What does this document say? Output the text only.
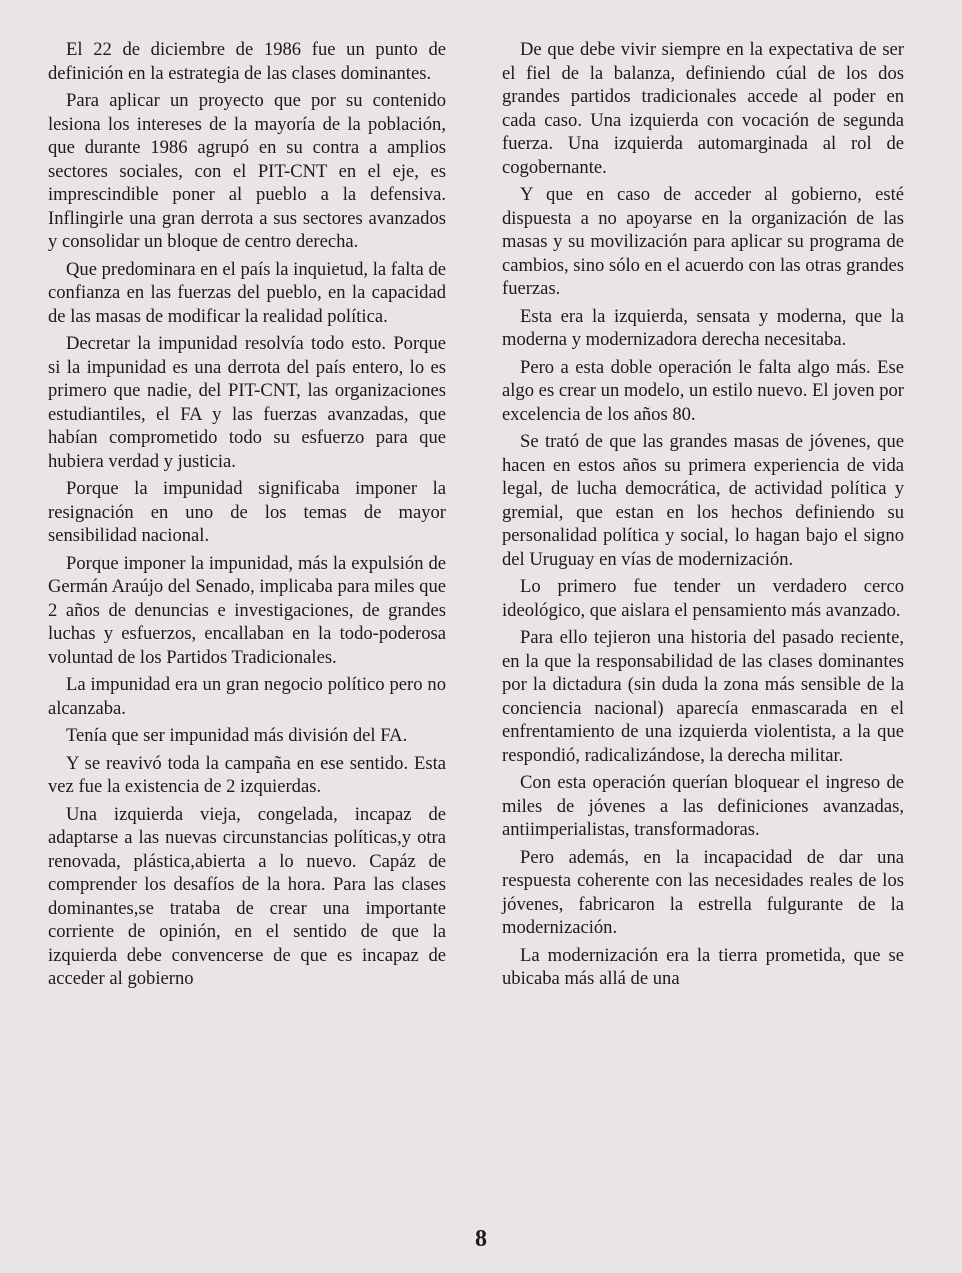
El 22 de diciembre de 1986 fue un punto de definición en la estrategia de las clases dominantes.

Para aplicar un proyecto que por su contenido lesiona los intereses de la mayoría de la población, que durante 1986 agrupó en su contra a amplios sectores sociales, con el PIT-CNT en el eje, es imprescindible poner al pueblo a la defensiva. Inflingirle una gran derrota a sus sectores avanzados y consolidar un bloque de centro derecha.

Que predominara en el país la inquietud, la falta de confianza en las fuerzas del pueblo, en la capacidad de las masas de modificar la realidad política.

Decretar la impunidad resolvía todo esto. Porque si la impunidad es una derrota del país entero, lo es primero que nadie, del PIT-CNT, las organizaciones estudiantiles, el FA y las fuerzas avanzadas, que habían comprometido todo su esfuerzo para que hubiera verdad y justicia.

Porque la impunidad significaba imponer la resignación en uno de los temas de mayor sensibilidad nacional.

Porque imponer la impunidad, más la expulsión de Germán Araújo del Senado, implicaba para miles que 2 años de denuncias e investigaciones, de grandes luchas y esfuerzos, encallaban en la todo-poderosa voluntad de los Partidos Tradicionales.

La impunidad era un gran negocio político pero no alcanzaba.

Tenía que ser impunidad más división del FA.

Y se reavivó toda la campaña en ese sentido. Esta vez fue la existencia de 2 izquierdas.

Una izquierda vieja, congelada, incapaz de adaptarse a las nuevas circunstancias políticas,y otra renovada, plástica,abierta a lo nuevo. Capáz de comprender los desafíos de la hora. Para las clases dominantes,se trataba de crear una importante corriente de opinión, en el sentido de que la izquierda debe convencerse de que es incapaz de acceder al gobierno

De que debe vivir siempre en la expectativa de ser el fiel de la balanza, definiendo cúal de los dos grandes partidos tradicionales accede al poder en cada caso. Una izquierda con vocación de segunda fuerza. Una izquierda automarginada al rol de cogobernante.

Y que en caso de acceder al gobierno, esté dispuesta a no apoyarse en la organización de las masas y su movilización para aplicar su programa de cambios, sino sólo en el acuerdo con las otras grandes fuerzas.

Esta era la izquierda, sensata y moderna, que la moderna y modernizadora derecha necesitaba.

Pero a esta doble operación le falta algo más. Ese algo es crear un modelo, un estilo nuevo. El joven por excelencia de los años 80.

Se trató de que las grandes masas de jóvenes, que hacen en estos años su primera experiencia de vida legal, de lucha democrática, de actividad política y gremial, que estan en los hechos definiendo su personalidad política y social, lo hagan bajo el signo del Uruguay en vías de modernización.

Lo primero fue tender un verdadero cerco ideológico, que aislara el pensamiento más avanzado.

Para ello tejieron una historia del pasado reciente, en la que la responsabilidad de las clases dominantes por la dictadura (sin duda la zona más sensible de la conciencia nacional) aparecía enmascarada en el enfrentamiento de una izquierda violentista, a la que respondió, radicalizándose, la derecha militar.

Con esta operación querían bloquear el ingreso de miles de jóvenes a las definiciones avanzadas, antiimperialistas, transformadoras.

Pero además, en la incapacidad de dar una respuesta coherente con las necesidades reales de los jóvenes, fabricaron la estrella fulgurante de la modernización.

La modernización era la tierra prometida, que se ubicaba más allá de una

8
